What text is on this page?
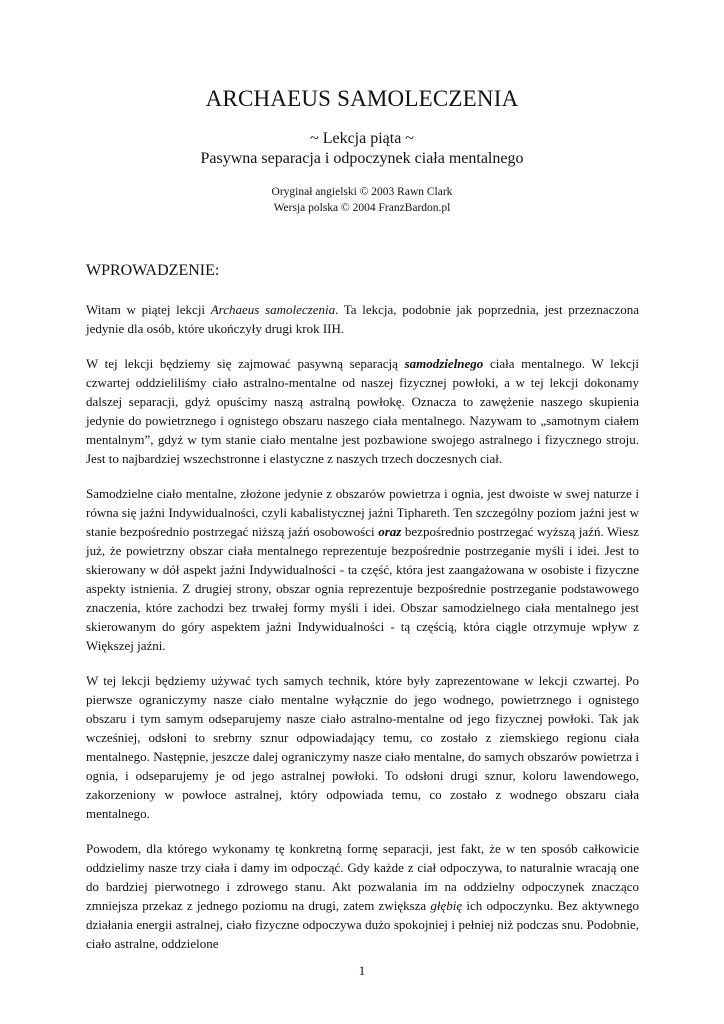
ARCHAEUS SAMOLECZENIA
~ Lekcja piąta ~
Pasywna separacja i odpoczynek ciała mentalnego
Oryginał angielski © 2003 Rawn Clark
Wersja polska © 2004 FranzBardon.pl
WPROWADZENIE:

Witam w piątej lekcji Archaeus samoleczenia. Ta lekcja, podobnie jak poprzednia, jest przeznaczona jedynie dla osób, które ukończyły drugi krok IIH.

W tej lekcji będziemy się zajmować pasywną separacją samodzielnego ciała mentalnego. W lekcji czwartej oddzieliliśmy ciało astralno-mentalne od naszej fizycznej powłoki, a w tej lekcji dokonamy dalszej separacji, gdyż opuścimy naszą astralną powłokę. Oznacza to zawężenie naszego skupienia jedynie do powietrznego i ognistego obszaru naszego ciała mentalnego. Nazywam to „samotnym ciałem mentalnym”, gdyż w tym stanie ciało mentalne jest pozbawione swojego astralnego i fizycznego stroju. Jest to najbardziej wszechstronne i elastyczne z naszych trzech doczesnych ciał.

Samodzielne ciało mentalne, złożone jedynie z obszarów powietrza i ognia, jest dwoiste w swej naturze i równa się jaźni Indywidualności, czyli kabalistycznej jaźni Tiphareth. Ten szczególny poziom jaźni jest w stanie bezpośrednio postrzegać niższą jaźń osobowości oraz bezpośrednio postrzegać wyższą jaźń. Wiesz już, że powietrzny obszar ciała mentalnego reprezentuje bezpośrednie postrzeganie myśli i idei. Jest to skierowany w dół aspekt jaźni Indywidualności - ta część, która jest zaangażowana w osobiste i fizyczne aspekty istnienia. Z drugiej strony, obszar ognia reprezentuje bezpośrednie postrzeganie podstawowego znaczenia, które zachodzi bez trwałej formy myśli i idei. Obszar samodzielnego ciała mentalnego jest skierowanym do góry aspektem jaźni Indywidualności - tą częścią, która ciągle otrzymuje wpływ z Większej jaźni.

W tej lekcji będziemy używać tych samych technik, które były zaprezentowane w lekcji czwartej. Po pierwsze ograniczymy nasze ciało mentalne wyłącznie do jego wodnego, powietrznego i ognistego obszaru i tym samym odseparujemy nasze ciało astralno-mentalne od jego fizycznej powłoki. Tak jak wcześniej, odsłoni to srebrny sznur odpowiadający temu, co zostało z ziemskiego regionu ciała mentalnego. Następnie, jeszcze dalej ograniczymy nasze ciało mentalne, do samych obszarów powietrza i ognia, i odseparujemy je od jego astralnej powłoki. To odsłoni drugi sznur, koloru lawendowego, zakorzeniony w powłoce astralnej, który odpowiada temu, co zostało z wodnego obszaru ciała mentalnego.

Powodem, dla którego wykonamy tę konkretną formę separacji, jest fakt, że w ten sposób całkowicie oddzielimy nasze trzy ciała i damy im odpocząć. Gdy każde z ciał odpoczywa, to naturalnie wracają one do bardziej pierwotnego i zdrowego stanu. Akt pozwalania im na oddzielny odpoczynek znacząco zmniejsza przekaz z jednego poziomu na drugi, zatem zwiększa głębię ich odpoczynku. Bez aktywnego działania energii astralnej, ciało fizyczne odpoczywa dużo spokojniej i pełniej niż podczas snu. Podobnie, ciało astralne, oddzielone

1
